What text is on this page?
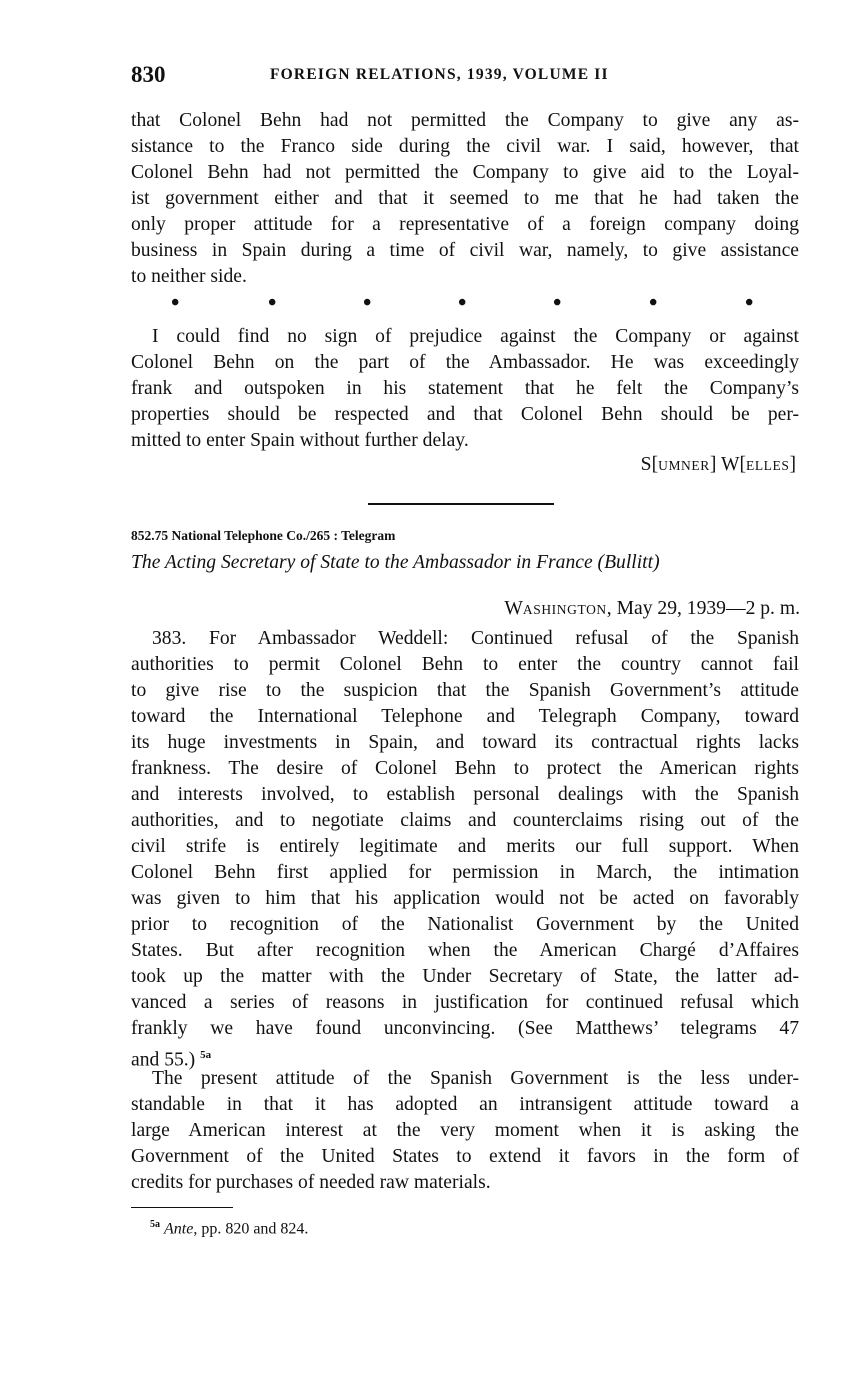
830	FOREIGN RELATIONS, 1939, VOLUME II
that Colonel Behn had not permitted the Company to give any as-
sistance to the Franco side during the civil war. I said, however, that
Colonel Behn had not permitted the Company to give aid to the Loyal-
ist government either and that it seemed to me that he had taken the
only proper attitude for a representative of a foreign company doing
business in Spain during a time of civil war, namely, to give assistance
to neither side.
•	•	•	•	•	•	•
I could find no sign of prejudice against the Company or against
Colonel Behn on the part of the Ambassador. He was exceedingly
frank and outspoken in his statement that he felt the Company’s
properties should be respected and that Colonel Behn should be per-
mitted to enter Spain without further delay.
S[UMNER] W[ELLES]
852.75 National Telephone Co./265 : Telegram
The Acting Secretary of State to the Ambassador in France (Bullitt)
WASHINGTON, May 29, 1939—2 p. m.
383. For Ambassador Weddell: Continued refusal of the Spanish
authorities to permit Colonel Behn to enter the country cannot fail
to give rise to the suspicion that the Spanish Government’s attitude
toward the International Telephone and Telegraph Company, toward
its huge investments in Spain, and toward its contractual rights lacks
frankness. The desire of Colonel Behn to protect the American rights
and interests involved, to establish personal dealings with the Spanish
authorities, and to negotiate claims and counterclaims rising out of the
civil strife is entirely legitimate and merits our full support. When
Colonel Behn first applied for permission in March, the intimation
was given to him that his application would not be acted on favorably
prior to recognition of the Nationalist Government by the United
States. But after recognition when the American Chargé d’Affaires
took up the matter with the Under Secretary of State, the latter ad-
vanced a series of reasons in justification for continued refusal which
frankly we have found unconvincing. (See Matthews’ telegrams 47
and 55.) $^{5a}$
The present attitude of the Spanish Government is the less under-
standable in that it has adopted an intransigent attitude toward a
large American interest at the very moment when it is asking the
Government of the United States to extend it favors in the form of
credits for purchases of needed raw materials.
$^{5a}$ Ante, pp. 820 and 824.
